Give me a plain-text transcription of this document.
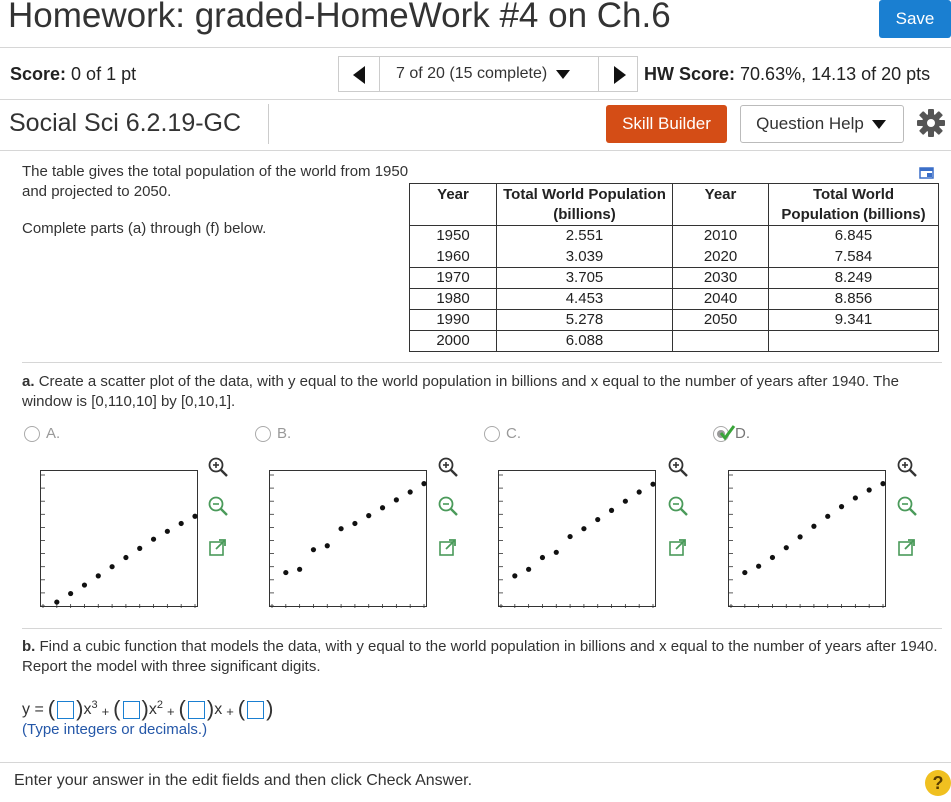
Homework: graded-HomeWork #4 on Ch.6	Save
Score: 0 of 1 pt	7 of 20 (15 complete)	HW Score: 70.63%, 14.13 of 20 pts
Social Sci 6.2.19-GC	Skill Builder	Question Help
The table gives the total population of the world from 1950 and projected to 2050.
Complete parts (a) through (f) below.
Year	Total World Population (billions)	Year	Total World Population (billions)
1950	2.551	2010	6.845
1960	3.039	2020	7.584
1970	3.705	2030	8.249
1980	4.453	2040	8.856
1990	5.278	2050	9.341
2000	6.088		
a. Create a scatter plot of the data, with y equal to the world population in billions and x equal to the number of years after 1940. The window is [0,110,10] by [0,10,1].
A.	B.	C.	D.
b. Find a cubic function that models the data, with y equal to the world population in billions and x equal to the number of years after 1940. Report the model with three significant digits.
y = ( ) x 3 + ( ) x 2 + ( ) x + ( )
(Type integers or decimals.)
Enter your answer in the edit fields and then click Check Answer.	?
